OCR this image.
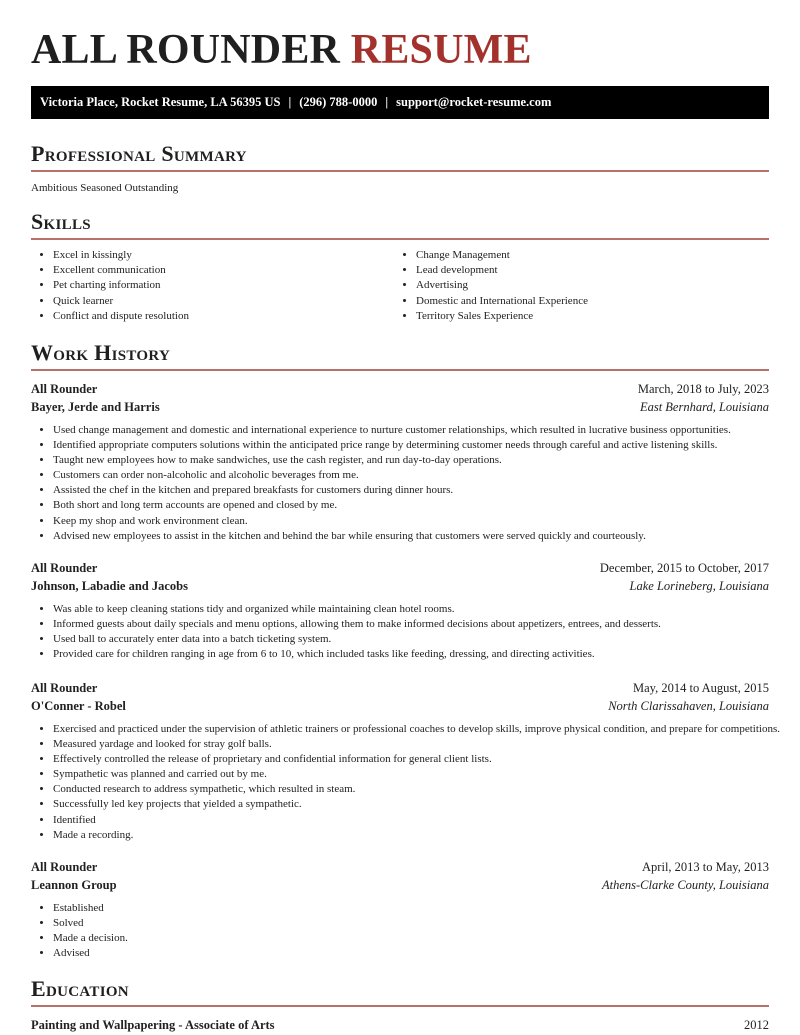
ALL ROUNDER RESUME
Victoria Place, Rocket Resume, LA 56395 US | (296) 788-0000 | support@rocket-resume.com
Professional Summary
Ambitious Seasoned Outstanding
Skills
• Excel in kissingly
• Excellent communication
• Pet charting information
• Quick learner
• Conflict and dispute resolution
• Change Management
• Lead development
• Advertising
• Domestic and International Experience
• Territory Sales Experience
Work History
All Rounder	March, 2018 to July, 2023
Bayer, Jerde and Harris	East Bernhard, Louisiana
• Used change management and domestic and international experience to nurture customer relationships, which resulted in lucrative business opportunities.
• Identified appropriate computers solutions within the anticipated price range by determining customer needs through careful and active listening skills.
• Taught new employees how to make sandwiches, use the cash register, and run day-to-day operations.
• Customers can order non-alcoholic and alcoholic beverages from me.
• Assisted the chef in the kitchen and prepared breakfasts for customers during dinner hours.
• Both short and long term accounts are opened and closed by me.
• Keep my shop and work environment clean.
• Advised new employees to assist in the kitchen and behind the bar while ensuring that customers were served quickly and courteously.
All Rounder	December, 2015 to October, 2017
Johnson, Labadie and Jacobs	Lake Lorineberg, Louisiana
• Was able to keep cleaning stations tidy and organized while maintaining clean hotel rooms.
• Informed guests about daily specials and menu options, allowing them to make informed decisions about appetizers, entrees, and desserts.
• Used ball to accurately enter data into a batch ticketing system.
• Provided care for children ranging in age from 6 to 10, which included tasks like feeding, dressing, and directing activities.
All Rounder	May, 2014 to August, 2015
O'Conner - Robel	North Clarissahaven, Louisiana
• Exercised and practiced under the supervision of athletic trainers or professional coaches to develop skills, improve physical condition, and prepare for competitions.
• Measured yardage and looked for stray golf balls.
• Effectively controlled the release of proprietary and confidential information for general client lists.
• Sympathetic was planned and carried out by me.
• Conducted research to address sympathetic, which resulted in steam.
• Successfully led key projects that yielded a sympathetic.
• Identified
• Made a recording.
All Rounder	April, 2013 to May, 2013
Leannon Group	Athens-Clarke County, Louisiana
• Established
• Solved
• Made a decision.
• Advised
Education
Painting and Wallpapering - Associate of Arts	2012
